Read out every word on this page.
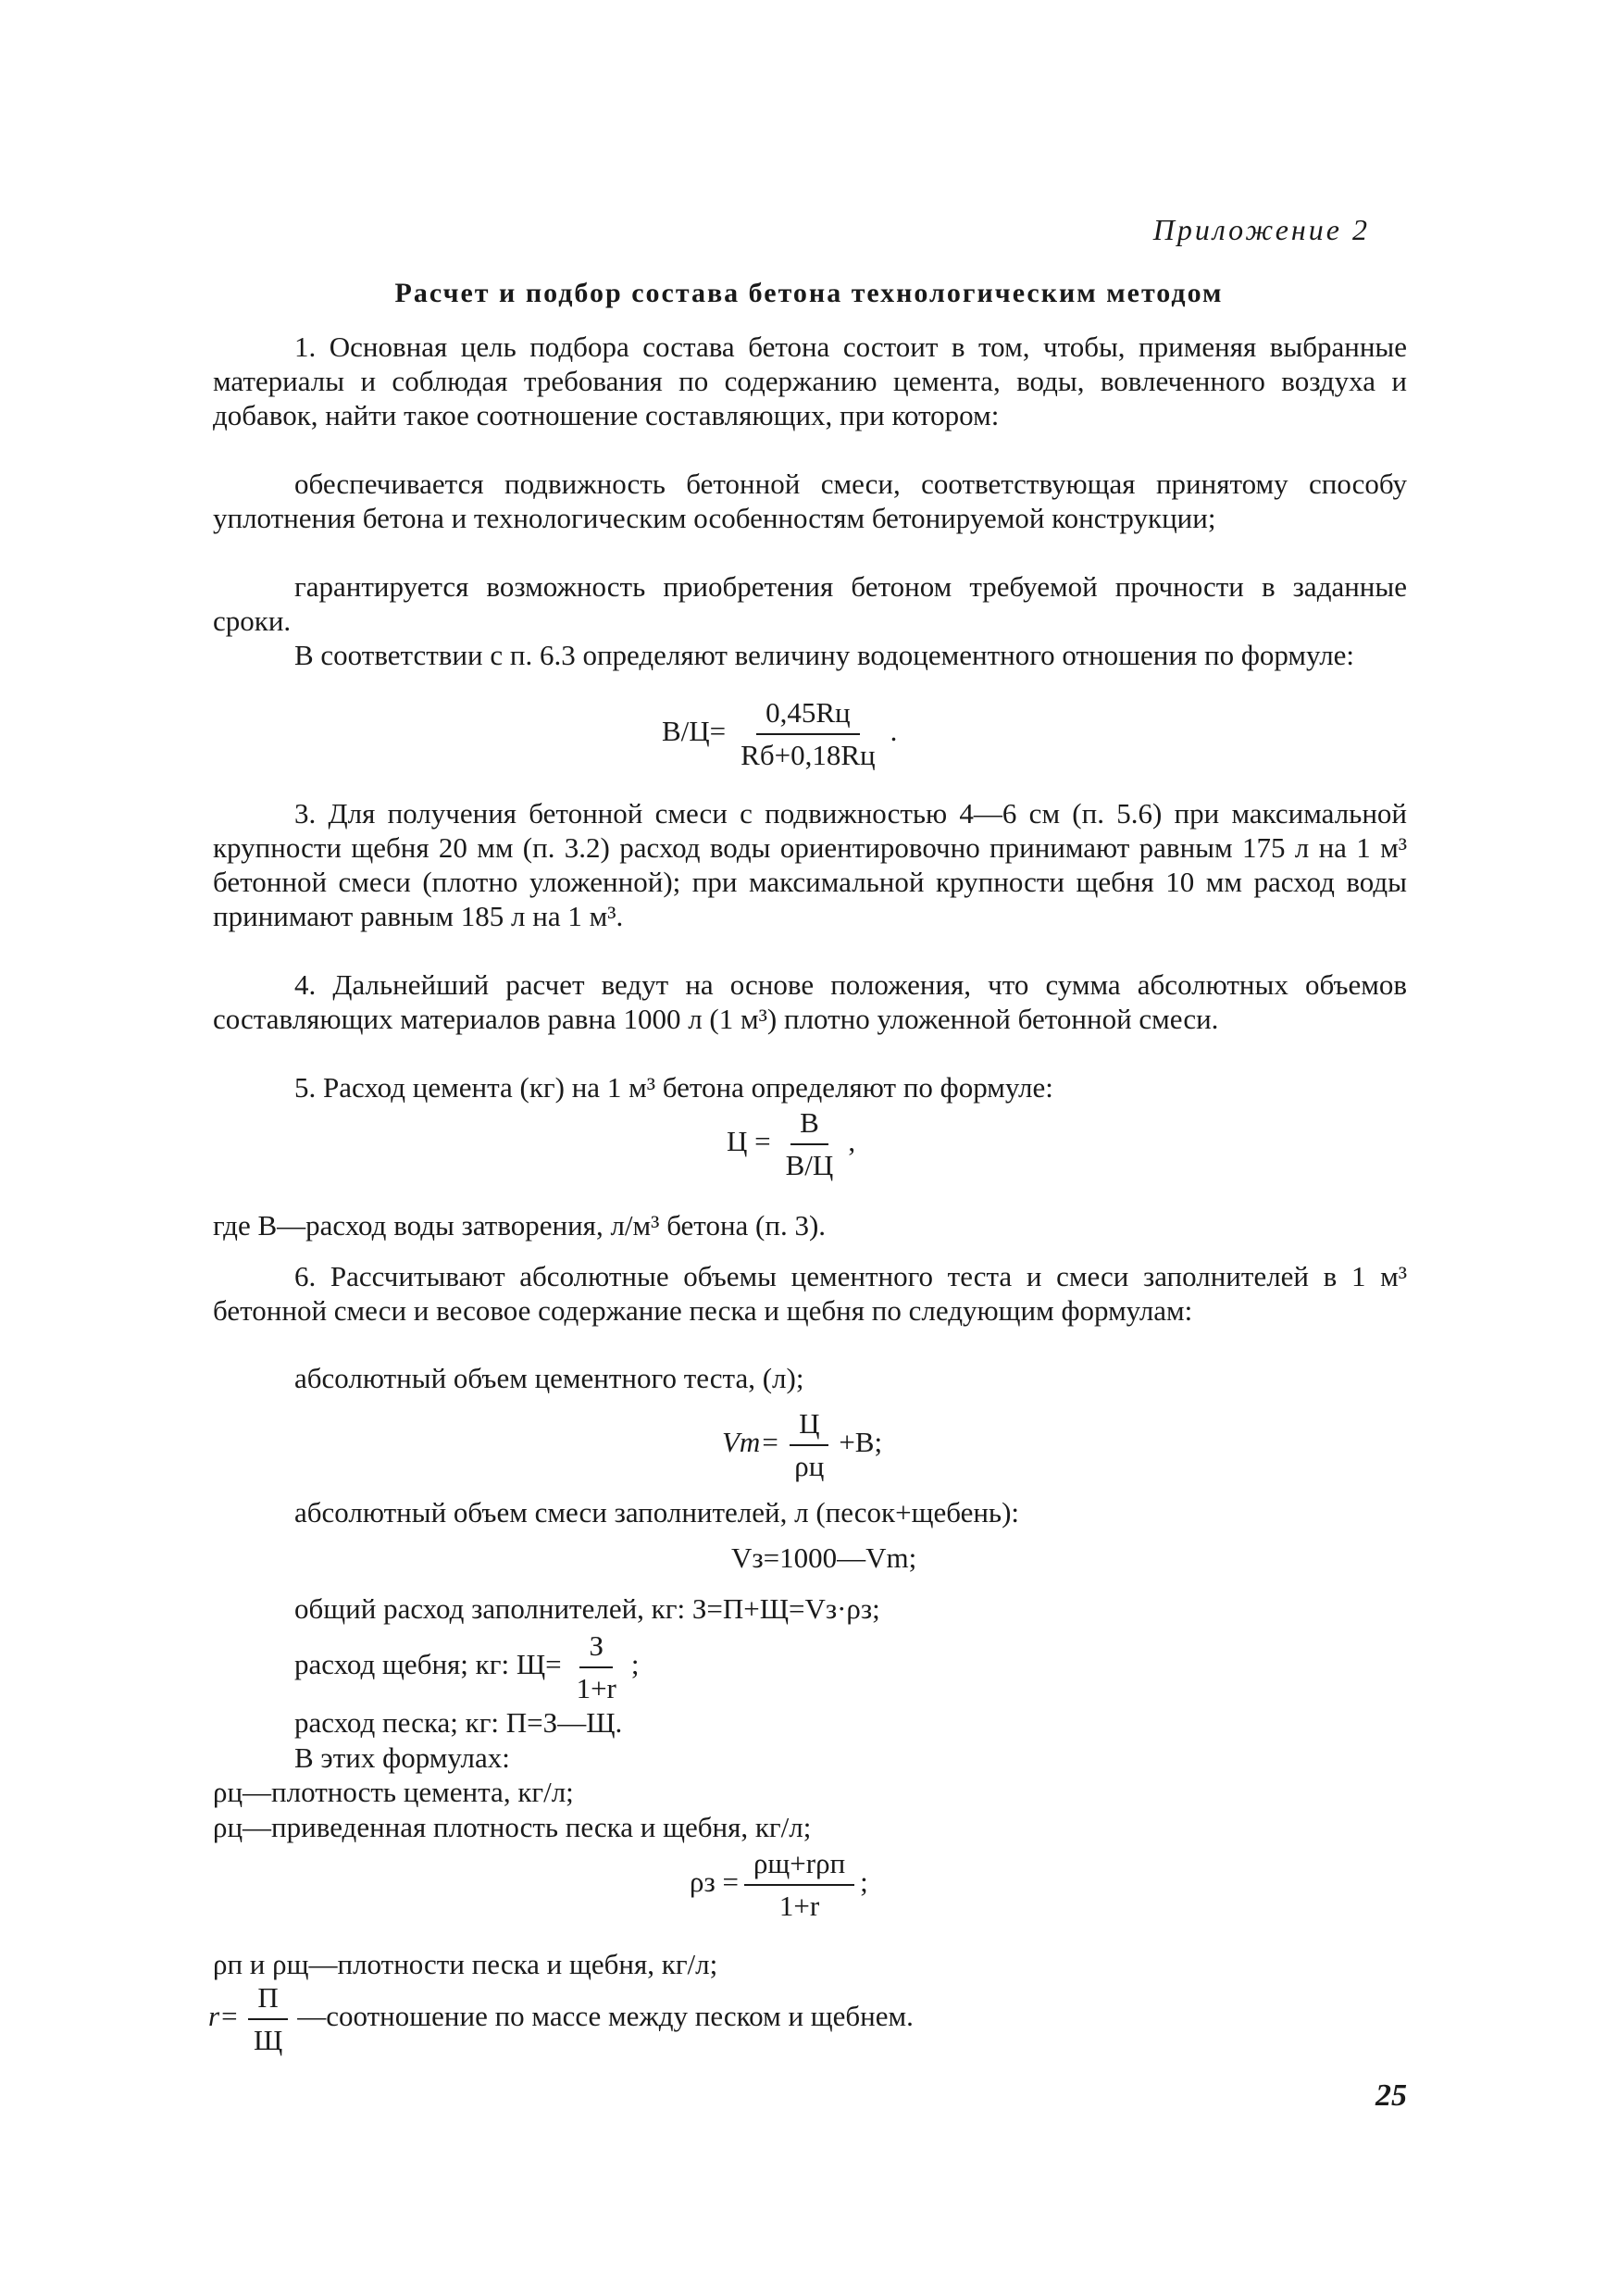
Приложение 2
Расчет и подбор состава бетона технологическим методом
1. Основная цель подбора состава бетона состоит в том, чтобы, применяя выбранные материалы и соблюдая требования по содержанию цемента, воды, вовлеченного воздуха и добавок, найти такое соотношение составляющих, при котором:
обеспечивается подвижность бетонной смеси, соответствующая принятому способу уплотнения бетона и технологическим особенностям бетонируемой конструкции;
гарантируется возможность приобретения бетоном требуемой прочности в заданные сроки.
В соответствии с п. 6.3 определяют величину водоцементного отношения по формуле:
$В/Ц= \frac{0,45Rц}{Rб+0,18Rц}$ .
3. Для получения бетонной смеси с подвижностью 4—6 см (п. 5.6) при максимальной крупности щебня 20 мм (п. 3.2) расход воды ориентировочно принимают равным 175 л на 1 м³ бетонной смеси (плотно уложенной); при максимальной крупности щебня 10 мм расход воды принимают равным 185 л на 1 м³.
4. Дальнейший расчет ведут на основе положения, что сумма абсолютных объемов составляющих материалов равна 1000 л (1 м³) плотно уложенной бетонной смеси.
5. Расход цемента (кг) на 1 м³ бетона определяют по формуле:
$Ц = \frac{В}{В/Ц}$ ,
где В—расход воды затворения, л/м³ бетона (п. 3).
6. Рассчитывают абсолютные объемы цементного теста и смеси заполнителей в 1 м³ бетонной смеси и весовое содержание песка и щебня по следующим формулам:
абсолютный объем цементного теста, (л);
$Vm= \frac{Ц}{\rho ц} +В$;
абсолютный объем смеси заполнителей, л (песок+щебень):
Vз=1000—Vm;
общий расход заполнителей, кг: З=П+Щ=Vз·ρз;
расход щебня; кг: $Щ= \frac{З}{1+r}$ ;
расход песка; кг: П=З—Щ.
В этих формулах:
ρц—плотность цемента, кг/л;
ρц—приведенная плотность песка и щебня, кг/л;
$\rho з = \frac{\text{ρщ+rρп}}{1+r}$ ;
ρп и ρщ—плотности песка и щебня, кг/л;
$r= \frac{П}{Щ}$ —соотношение по массе между песком и щебнем.
25
